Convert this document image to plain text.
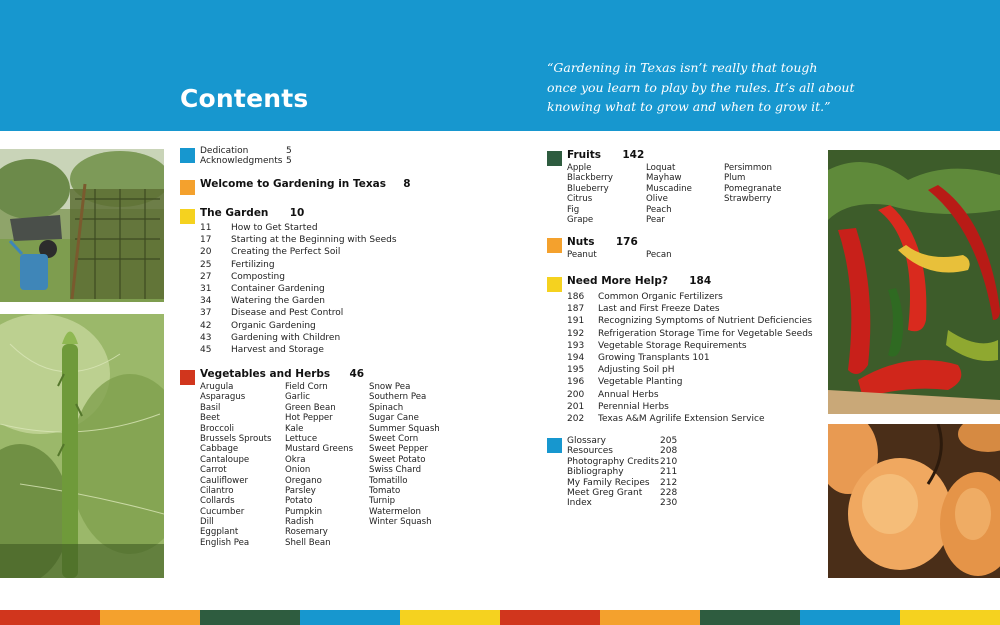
Contents
“Gardening in Texas isn’t really that tough
once you learn to play by the rules. It’s all about
knowing what to grow and when to grow it.”
Dedication
Acknowledgments
5
5
Welcome to Gardening in Texas 8
The Garden 10
11 How to Get Started
17 Starting at the Beginning with Seeds
20 Creating the Perfect Soil
25 Fertilizing
27 Composting
31 Container Gardening
34 Watering the Garden
37 Disease and Pest Control
42 Organic Gardening
43 Gardening with Children
45 Harvest and Storage
Vegetables and Herbs 46
Arugula
Asparagus
Basil
Beet
Broccoli
Brussels Sprouts
Cabbage
Cantaloupe
Carrot
Cauliflower
Cilantro
Collards
Cucumber
Dill
Eggplant
English Pea
Field Corn
Garlic
Green Bean
Hot Pepper
Kale
Lettuce
Mustard Greens
Okra
Onion
Oregano
Parsley
Potato
Pumpkin
Radish
Rosemary
Shell Bean
Snow Pea
Southern Pea
Spinach
Sugar Cane
Summer Squash
Sweet Corn
Sweet Pepper
Sweet Potato
Swiss Chard
Tomatillo
Tomato
Turnip
Watermelon
Winter Squash
Fruits 142
Apple
Blackberry
Blueberry
Citrus
Fig
Grape
Loquat
Mayhaw
Muscadine
Olive
Peach
Pear
Persimmon
Plum
Pomegranate
Strawberry
Nuts 176
Peanut	Pecan
Need More Help? 184
186 Common Organic Fertilizers
187 Last and First Freeze Dates
191 Recognizing Symptoms of Nutrient Deficiencies
192 Refrigeration Storage Time for Vegetable Seeds
193 Vegetable Storage Requirements
194 Growing Transplants 101
195 Adjusting Soil pH
196 Vegetable Planting
200 Annual Herbs
201 Perennial Herbs
202 Texas A&M Agrilife Extension Service
Glossary
Resources
Photography Credits
Bibliography
My Family Recipes
Meet Greg Grant
Index
205
208
210
211
212
228
230
